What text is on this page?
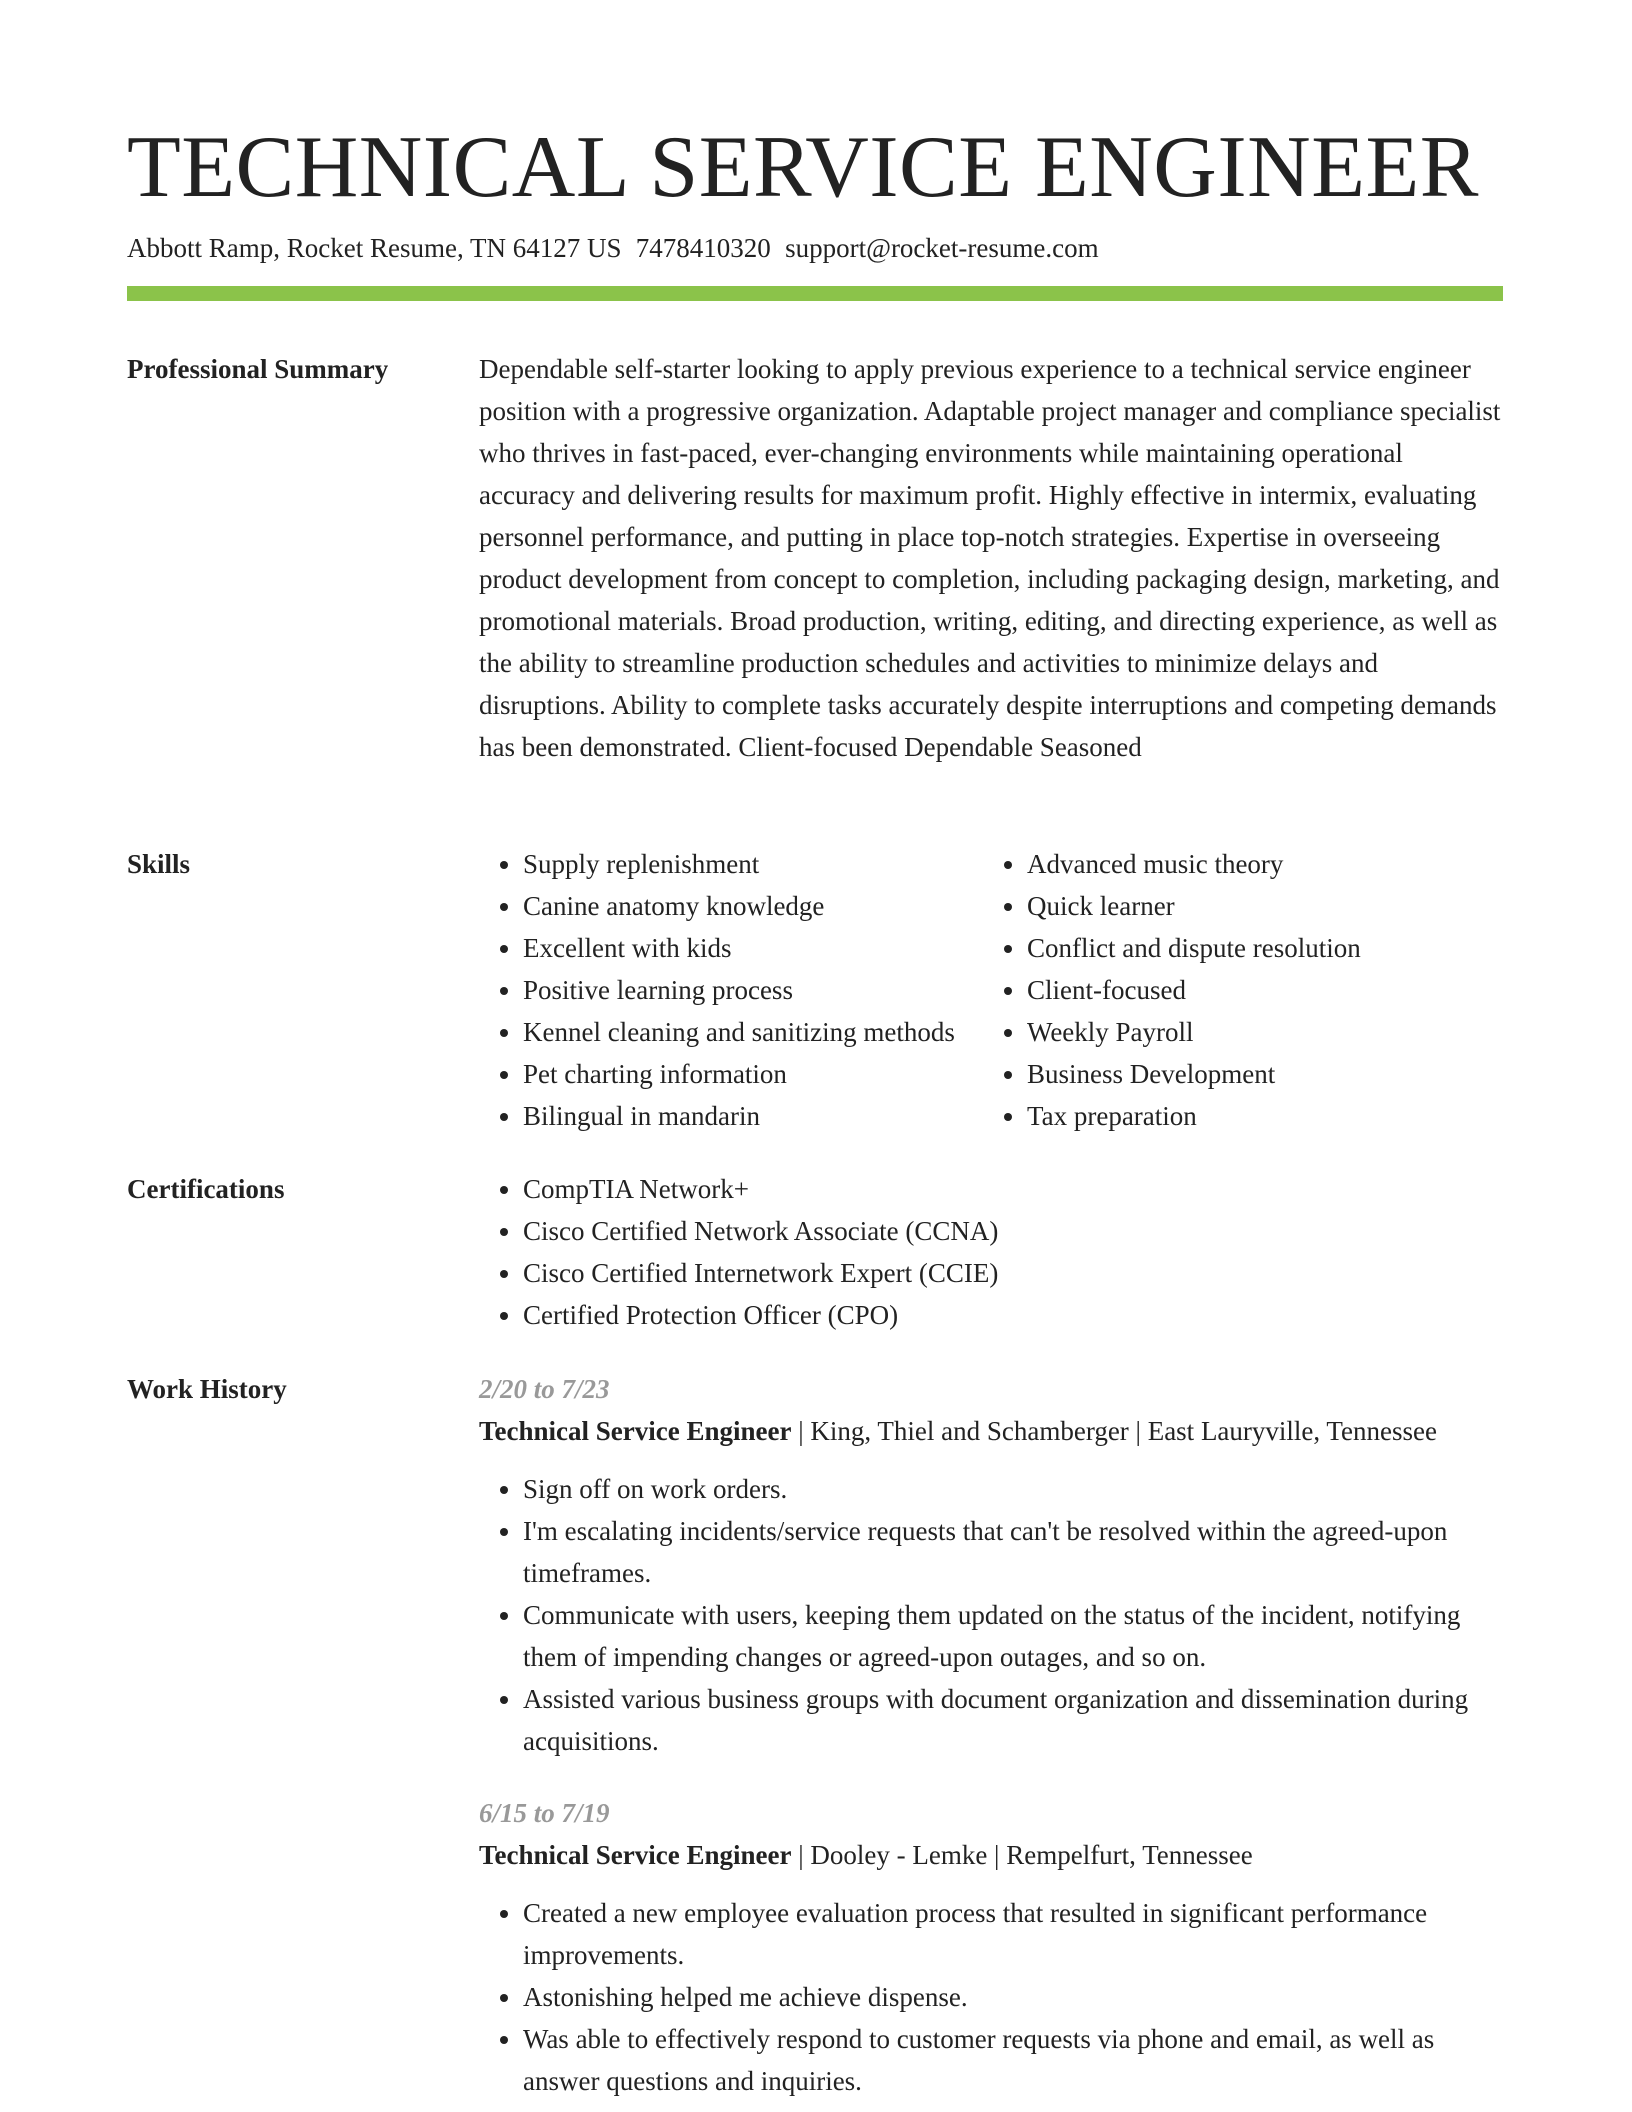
TECHNICAL SERVICE ENGINEER
Abbott Ramp, Rocket Resume, TN 64127 US 7478410320 support@rocket-resume.com
Professional Summary	Dependable self-starter looking to apply previous experience to a technical service engineer position with a progressive organization. Adaptable project manager and compliance specialist who thrives in fast-paced, ever-changing environments while maintaining operational accuracy and delivering results for maximum profit. Highly effective in intermix, evaluating personnel performance, and putting in place top-notch strategies. Expertise in overseeing product development from concept to completion, including packaging design, marketing, and promotional materials. Broad production, writing, editing, and directing experience, as well as the ability to streamline production schedules and activities to minimize delays and disruptions. Ability to complete tasks accurately despite interruptions and competing demands has been demonstrated. Client-focused Dependable Seasoned

Skills	• Supply replenishment
• Canine anatomy knowledge
• Excellent with kids
• Positive learning process
• Kennel cleaning and sanitizing methods
• Pet charting information
• Bilingual in mandarin
• Advanced music theory
• Quick learner
• Conflict and dispute resolution
• Client-focused
• Weekly Payroll
• Business Development
• Tax preparation
Certifications	• CompTIA Network+
• Cisco Certified Network Associate (CCNA)
• Cisco Certified Internetwork Expert (CCIE)
• Certified Protection Officer (CPO)
Work History	2/20 to 7/23

Technical Service Engineer | King, Thiel and Schamberger | East Lauryville, Tennessee

• Sign off on work orders.
• I'm escalating incidents/service requests that can't be resolved within the agreed-upon timeframes.
• Communicate with users, keeping them updated on the status of the incident, notifying them of impending changes or agreed-upon outages, and so on.
• Assisted various business groups with document organization and dissemination during acquisitions.

6/15 to 7/19

Technical Service Engineer | Dooley - Lemke | Rempelfurt, Tennessee

• Created a new employee evaluation process that resulted in significant performance improvements.
• Astonishing helped me achieve dispense.
• Was able to effectively respond to customer requests via phone and email, as well as answer questions and inquiries.
